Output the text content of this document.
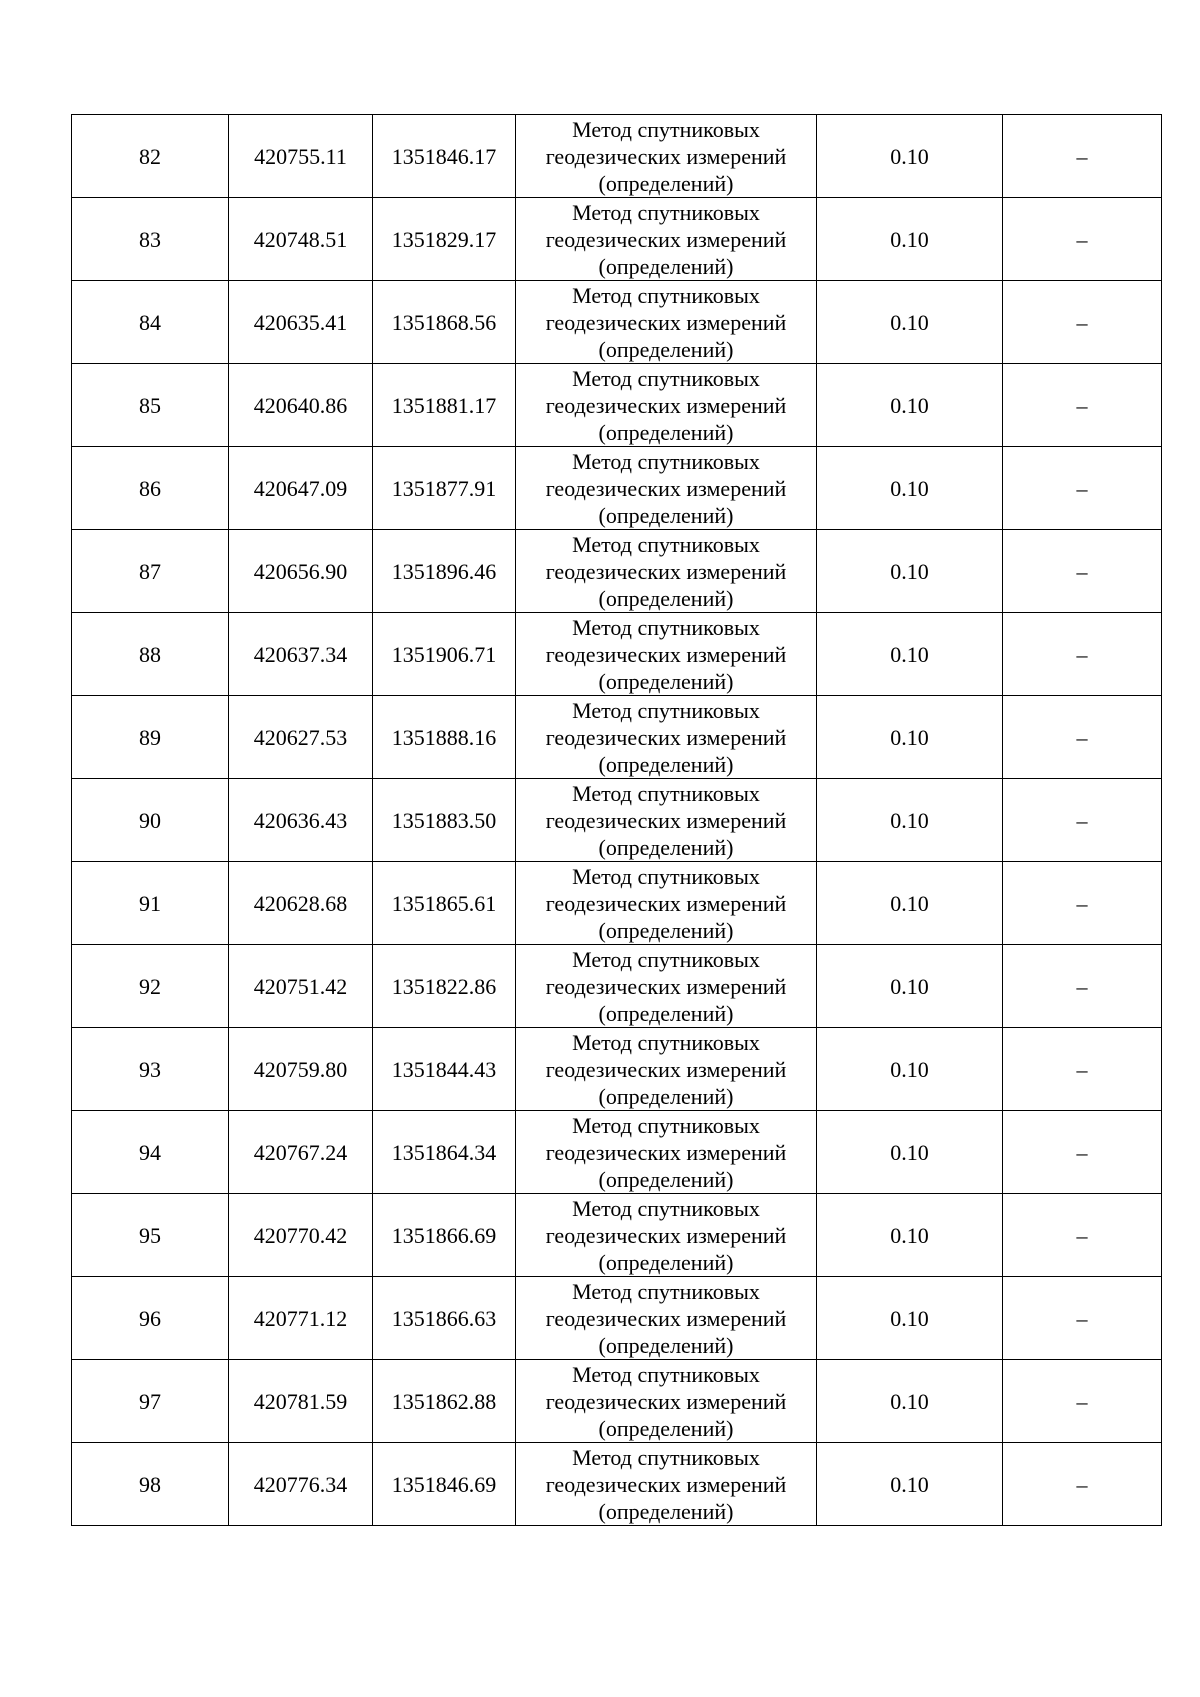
82	420755.11	1351846.17	Метод спутниковых
геодезических измерений
(определений)	0.10	–
83	420748.51	1351829.17	Метод спутниковых
геодезических измерений
(определений)	0.10	–
84	420635.41	1351868.56	Метод спутниковых
геодезических измерений
(определений)	0.10	–
85	420640.86	1351881.17	Метод спутниковых
геодезических измерений
(определений)	0.10	–
86	420647.09	1351877.91	Метод спутниковых
геодезических измерений
(определений)	0.10	–
87	420656.90	1351896.46	Метод спутниковых
геодезических измерений
(определений)	0.10	–
88	420637.34	1351906.71	Метод спутниковых
геодезических измерений
(определений)	0.10	–
89	420627.53	1351888.16	Метод спутниковых
геодезических измерений
(определений)	0.10	–
90	420636.43	1351883.50	Метод спутниковых
геодезических измерений
(определений)	0.10	–
91	420628.68	1351865.61	Метод спутниковых
геодезических измерений
(определений)	0.10	–
92	420751.42	1351822.86	Метод спутниковых
геодезических измерений
(определений)	0.10	–
93	420759.80	1351844.43	Метод спутниковых
геодезических измерений
(определений)	0.10	–
94	420767.24	1351864.34	Метод спутниковых
геодезических измерений
(определений)	0.10	–
95	420770.42	1351866.69	Метод спутниковых
геодезических измерений
(определений)	0.10	–
96	420771.12	1351866.63	Метод спутниковых
геодезических измерений
(определений)	0.10	–
97	420781.59	1351862.88	Метод спутниковых
геодезических измерений
(определений)	0.10	–
98	420776.34	1351846.69	Метод спутниковых
геодезических измерений
(определений)	0.10	–
